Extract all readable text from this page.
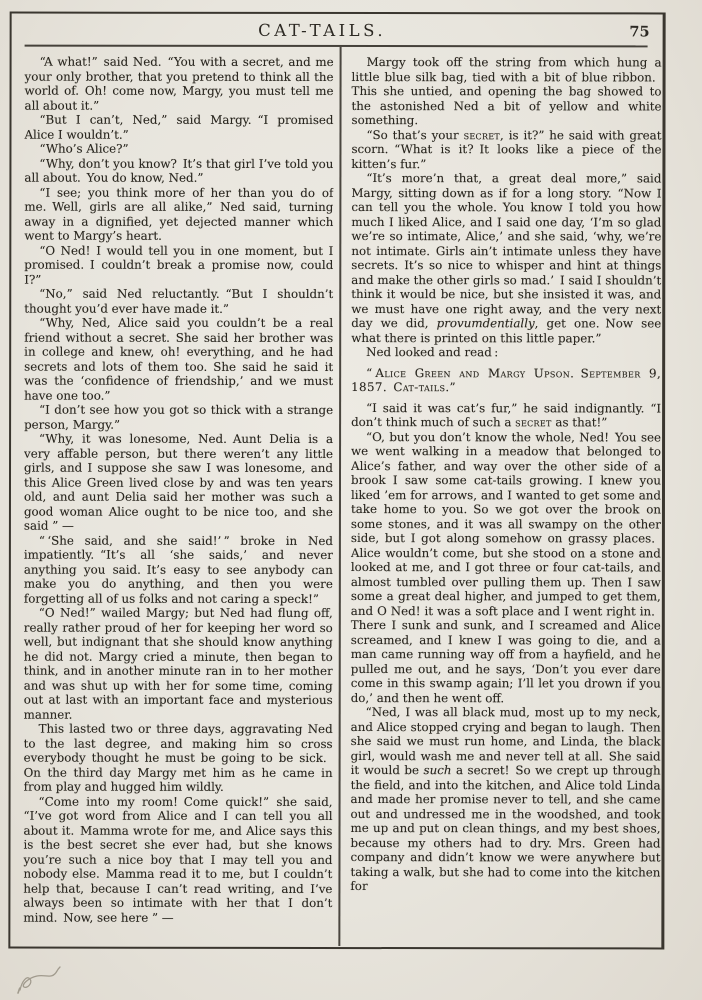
CAT-TAILS.	75

“A what!” said Ned. “You with a secret, and me your only brother, that you pretend to think all the world of. Oh! come now, Margy, you must tell me all about it.”

“But I can’t, Ned,” said Margy. “I promised Alice I wouldn’t.”

“Who’s Alice?”

“Why, don’t you know? It’s that girl I’ve told you all about. You do know, Ned.”

“I see; you think more of her than you do of me. Well, girls are all alike,” Ned said, turning away in a dignified, yet dejected manner which went to Margy’s heart.

“O Ned! I would tell you in one moment, but I promised. I couldn’t break a promise now, could I?”

“No,” said Ned reluctantly. “But I shouldn’t thought you’d ever have made it.”

“Why, Ned, Alice said you couldn’t be a real friend without a secret. She said her brother was in college and knew, oh! everything, and he had secrets and lots of them too. She said he said it was the ‘confidence of friendship,’ and we must have one too.”

“I don’t see how you got so thick with a strange person, Margy.”

“Why, it was lonesome, Ned. Aunt Delia is a very affable person, but there weren’t any little girls, and I suppose she saw I was lonesome, and this Alice Green lived close by and was ten years old, and aunt Delia said her mother was such a good woman Alice ought to be nice too, and she said ” —

“ ‘She said, and she said!’ ” broke in Ned impatiently. “It’s all ‘she saids,’ and never anything you said. It’s easy to see anybody can make you do anything, and then you were forgetting all of us folks and not caring a speck!”

“O Ned!” wailed Margy; but Ned had flung off, really rather proud of her for keeping her word so well, but indignant that she should know anything he did not. Margy cried a minute, then began to think, and in another minute ran in to her mother and was shut up with her for some time, coming out at last with an important face and mysterious manner.

This lasted two or three days, aggravating Ned to the last degree, and making him so cross everybody thought he must be going to be sick. On the third day Margy met him as he came in from play and hugged him wildly.

“Come into my room! Come quick!” she said, “I’ve got word from Alice and I can tell you all about it. Mamma wrote for me, and Alice says this is the best secret she ever had, but she knows you’re such a nice boy that I may tell you and nobody else. Mamma read it to me, but I couldn’t help that, because I can’t read writing, and I’ve always been so intimate with her that I don’t mind. Now, see here ” —

Margy took off the string from which hung a little blue silk bag, tied with a bit of blue ribbon. This she untied, and opening the bag showed to the astonished Ned a bit of yellow and white something.

“So that’s your secret, is it?” he said with great scorn. “What is it? It looks like a piece of the kitten’s fur.”

“It’s more’n that, a great deal more,” said Margy, sitting down as if for a long story. “Now I can tell you the whole. You know I told you how much I liked Alice, and I said one day, ‘I’m so glad we’re so intimate, Alice,’ and she said, ‘why, we’re not intimate. Girls ain’t intimate unless they have secrets. It’s so nice to whisper and hint at things and make the other girls so mad.’ I said I shouldn’t think it would be nice, but she insisted it was, and we must have one right away, and the very next day we did, provumdentially, get one. Now see what there is printed on this little paper.”

Ned looked and read :

“ Alice Green and Margy Upson. September 9, 1857. Cat-tails.”

“I said it was cat’s fur,” he said indignantly. “I don’t think much of such a secret as that!”

“O, but you don’t know the whole, Ned! You see we went walking in a meadow that belonged to Alice’s father, and way over the other side of a brook I saw some cat-tails growing. I knew you liked ’em for arrows, and I wanted to get some and take home to you. So we got over the brook on some stones, and it was all swampy on the other side, but I got along somehow on grassy places. Alice wouldn’t come, but she stood on a stone and looked at me, and I got three or four cat-tails, and almost tumbled over pulling them up. Then I saw some a great deal higher, and jumped to get them, and O Ned! it was a soft place and I went right in. There I sunk and sunk, and I screamed and Alice screamed, and I knew I was going to die, and a man came running way off from a hayfield, and he pulled me out, and he says, ‘Don’t you ever dare come in this swamp again; I’ll let you drown if you do,’ and then he went off.

“Ned, I was all black mud, most up to my neck, and Alice stopped crying and began to laugh. Then she said we must run home, and Linda, the black girl, would wash me and never tell at all. She said it would be such a secret! So we crept up through the field, and into the kitchen, and Alice told Linda and made her promise never to tell, and she came out and undressed me in the woodshed, and took me up and put on clean things, and my best shoes, because my others had to dry. Mrs. Green had company and didn’t know we were anywhere but taking a walk, but she had to come into the kitchen for
